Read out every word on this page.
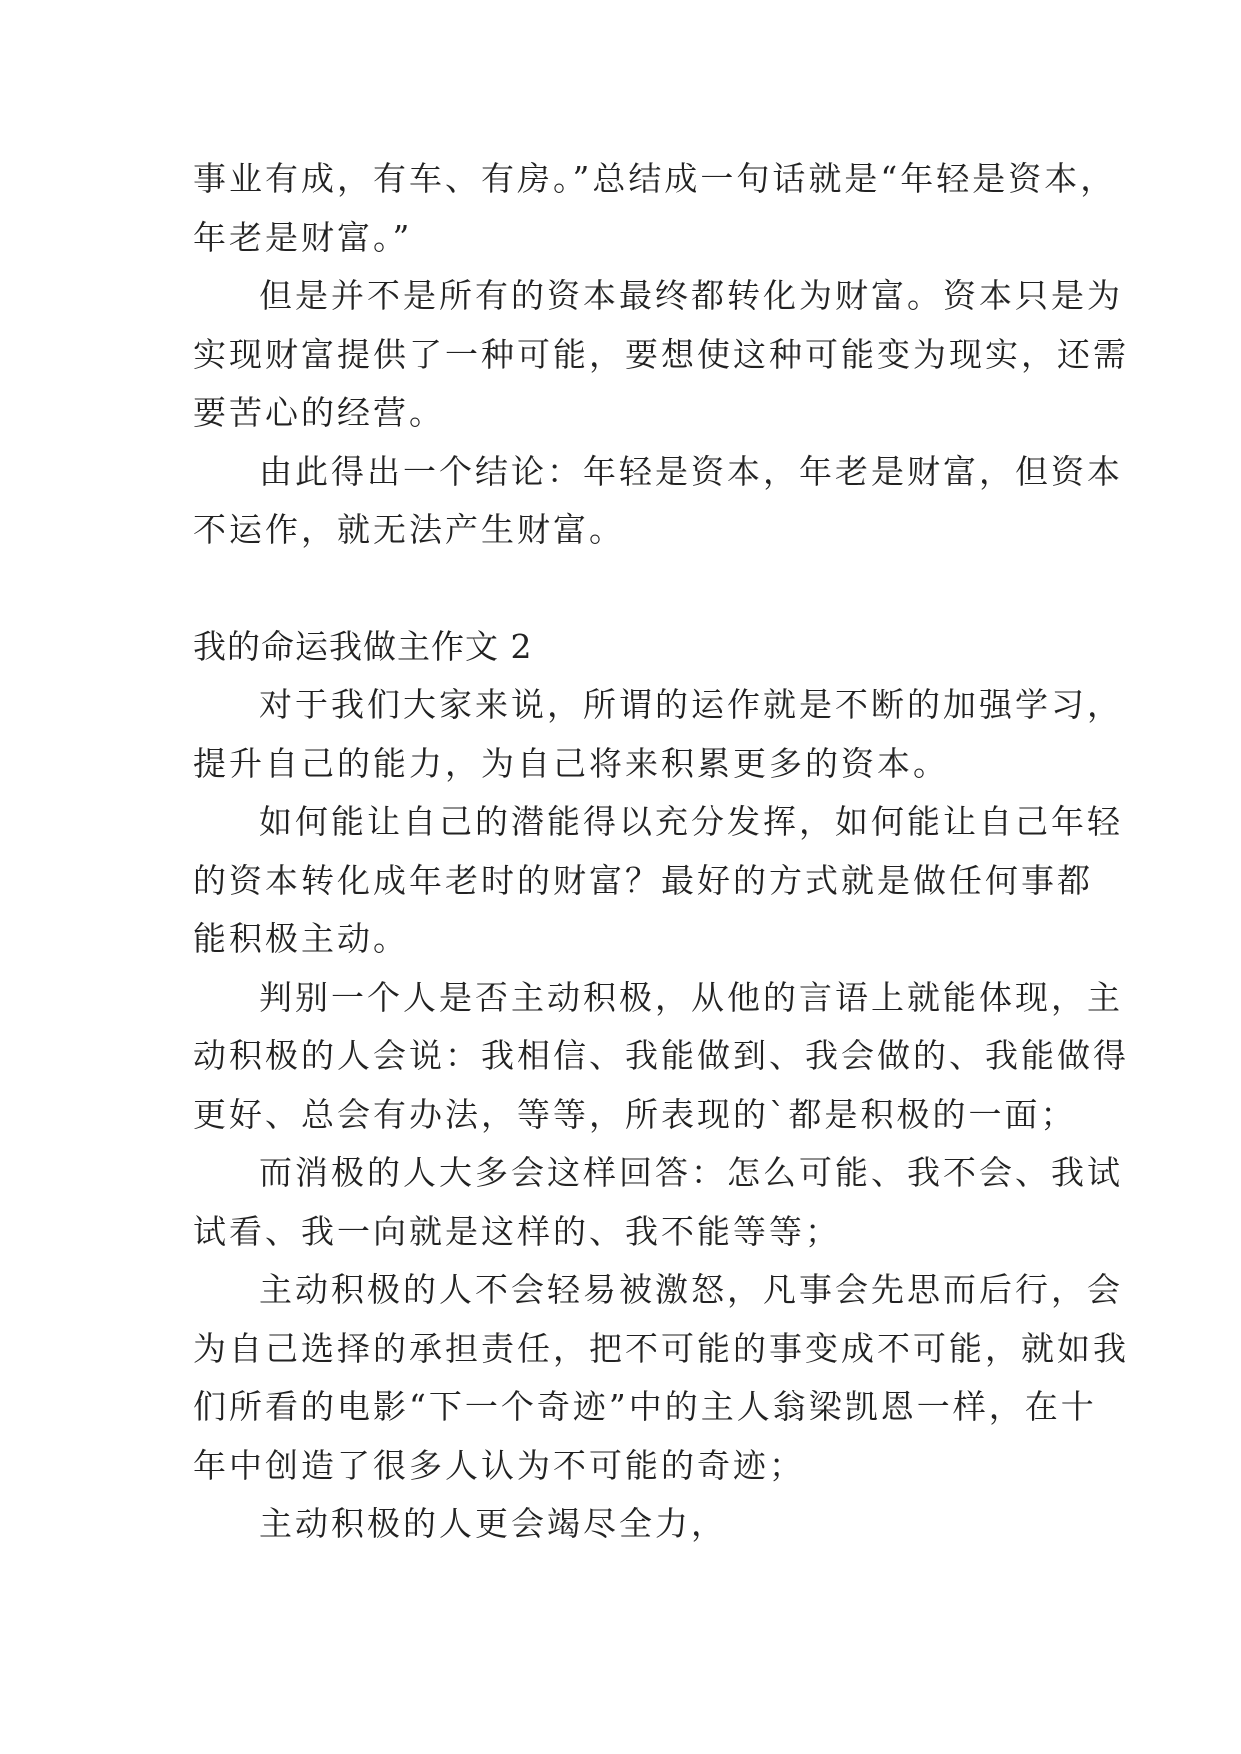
事业有成，有车、有房。”总结成一句话就是“年轻是资本，
年老是财富。”
但是并不是所有的资本最终都转化为财富。资本只是为
实现财富提供了一种可能，要想使这种可能变为现实，还需
要苦心的经营。
由此得出一个结论：年轻是资本，年老是财富，但资本
不运作，就无法产生财富。
我的命运我做主作文 2
对于我们大家来说，所谓的运作就是不断的加强学习，
提升自己的能力，为自己将来积累更多的资本。
如何能让自己的潜能得以充分发挥，如何能让自己年轻
的资本转化成年老时的财富？最好的方式就是做任何事都
能积极主动。
判别一个人是否主动积极，从他的言语上就能体现，主
动积极的人会说：我相信、我能做到、我会做的、我能做得
更好、总会有办法，等等，所表现的`都是积极的一面；
而消极的人大多会这样回答：怎么可能、我不会、我试
试看、我一向就是这样的、我不能等等；
主动积极的人不会轻易被激怒，凡事会先思而后行，会
为自己选择的承担责任，把不可能的事变成不可能，就如我
们所看的电影“下一个奇迹”中的主人翁梁凯恩一样，在十
年中创造了很多人认为不可能的奇迹；
主动积极的人更会竭尽全力，
